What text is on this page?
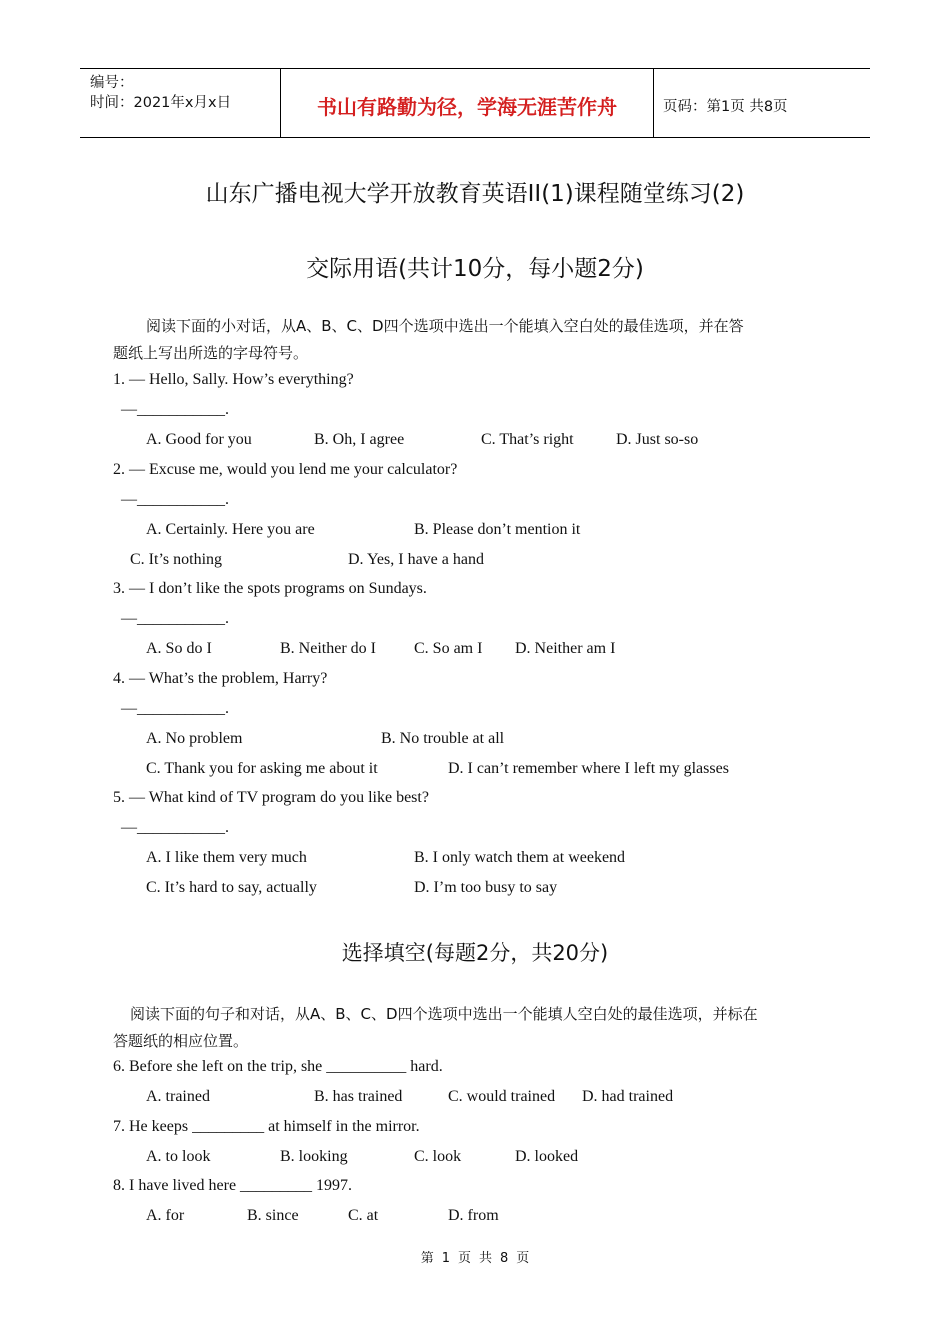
编号：
时间：2021年x月x日	书山有路勤为径，学海无涯苦作舟	页码：第1页 共8页
山东广播电视大学开放教育英语II(1)课程随堂练习(2)
交际用语(共计10分，每小题2分)
阅读下面的小对话，从A、B、C、D四个选项中选出一个能填入空白处的最佳选项，并在答
题纸上写出所选的字母符号。
1. — Hello, Sally. How’s everything?
—___________.
A. Good for you	B. Oh, I agree	C. That’s right	D. Just so-so
2. — Excuse me, would you lend me your calculator?
—___________.
A. Certainly. Here you are	B. Please don’t mention it
C. It’s nothing	D. Yes, I have a hand
3. — I don’t like the spots programs on Sundays.
—___________.
A. So do I	B. Neither do I C. So am I D. Neither am I
4. — What’s the problem, Harry?
—___________.
A. No problem	B. No trouble at all
C. Thank you for asking me about it	D. I can’t remember where I left my glasses
5. — What kind of TV program do you like best?
—___________.
A. I like them very much	B. I only watch them at weekend
C. It’s hard to say, actually	D. I’m too busy to say
选择填空(每题2分，共20分)
阅读下面的句子和对话，从A、B、C、D四个选项中选出一个能填人空白处的最佳选项，并标在
答题纸的相应位置。
6. Before she left on the trip, she __________ hard.
A. trained	B. has trained	C. would trained D. had trained
7. He keeps _________ at himself in the mirror.
A. to look	B. looking	C. look	D. looked
8. I have lived here _________ 1997.
A. for	B. since	C. at	D. from
第 1 页 共 8 页
